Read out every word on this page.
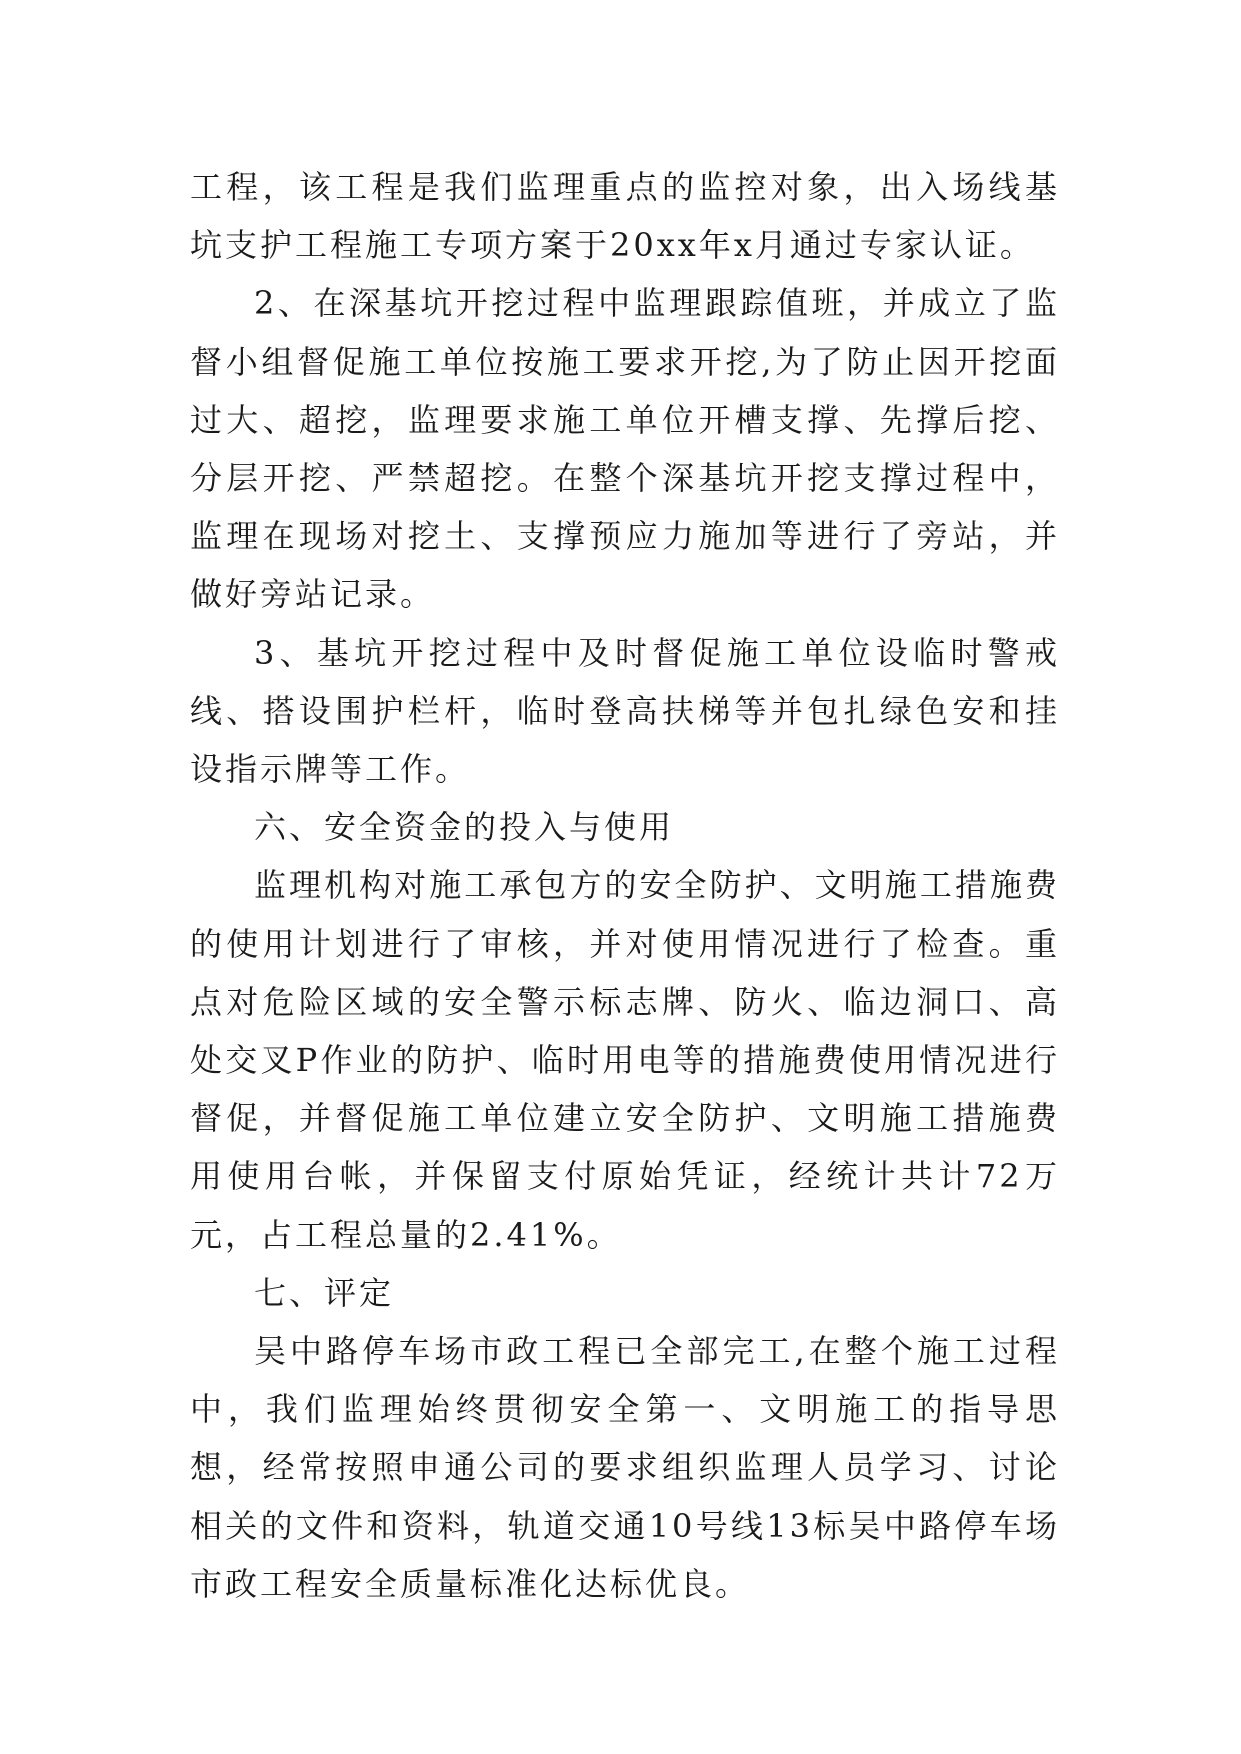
工程，该工程是我们监理重点的监控对象，出入场线基坑支护工程施工专项方案于20xx年x月通过专家认证。

2、在深基坑开挖过程中监理跟踪值班，并成立了监督小组督促施工单位按施工要求开挖,为了防止因开挖面过大、超挖，监理要求施工单位开槽支撑、先撑后挖、分层开挖、严禁超挖。在整个深基坑开挖支撑过程中，监理在现场对挖土、支撑预应力施加等进行了旁站，并做好旁站记录。

3、基坑开挖过程中及时督促施工单位设临时警戒线、搭设围护栏杆，临时登高扶梯等并包扎绿色安和挂设指示牌等工作。

六、安全资金的投入与使用

监理机构对施工承包方的安全防护、文明施工措施费的使用计划进行了审核，并对使用情况进行了检查。重点对危险区域的安全警示标志牌、防火、临边洞口、高处交叉P作业的防护、临时用电等的措施费使用情况进行督促，并督促施工单位建立安全防护、文明施工措施费用使用台帐，并保留支付原始凭证，经统计共计72万元，占工程总量的2.41%。

七、评定

吴中路停车场市政工程已全部完工,在整个施工过程中，我们监理始终贯彻安全第一、文明施工的指导思想，经常按照申通公司的要求组织监理人员学习、讨论相关的文件和资料，轨道交通10号线13标吴中路停车场市政工程安全质量标准化达标优良。
